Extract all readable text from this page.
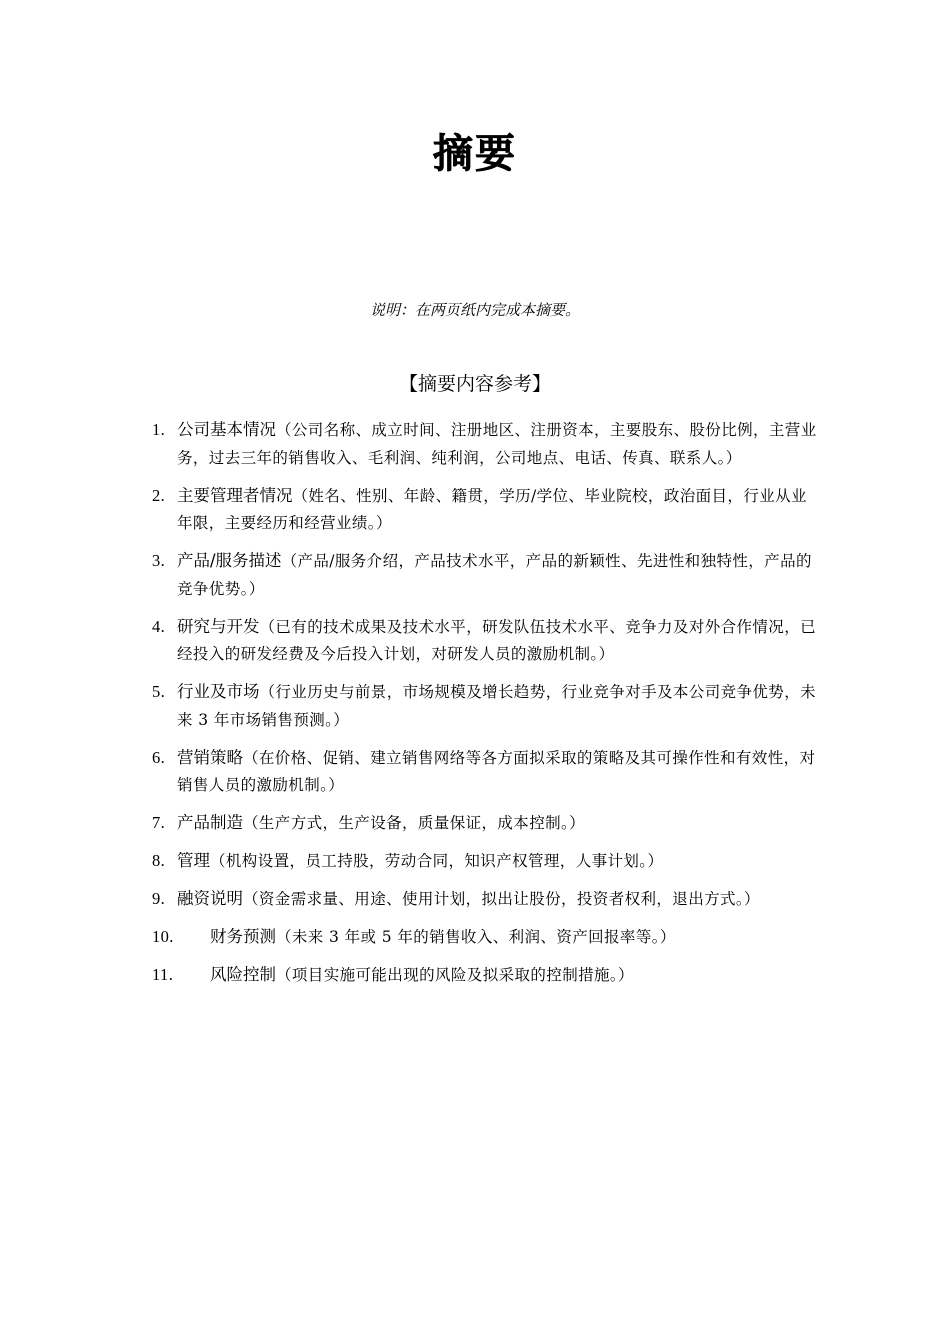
摘要
说明：在两页纸内完成本摘要。
【摘要内容参考】
1. 公司基本情况（公司名称、成立时间、注册地区、注册资本，主要股东、股份比例，主营业务，过去三年的销售收入、毛利润、纯利润，公司地点、电话、传真、联系人。）
2. 主要管理者情况（姓名、性别、年龄、籍贯，学历/学位、毕业院校，政治面目，行业从业年限，主要经历和经营业绩。）
3. 产品/服务描述（产品/服务介绍，产品技术水平，产品的新颖性、先进性和独特性，产品的竞争优势。）
4. 研究与开发（已有的技术成果及技术水平，研发队伍技术水平、竞争力及对外合作情况，已经投入的研发经费及今后投入计划，对研发人员的激励机制。）
5. 行业及市场（行业历史与前景，市场规模及增长趋势，行业竞争对手及本公司竞争优势，未来 3 年市场销售预测。）
6. 营销策略（在价格、促销、建立销售网络等各方面拟采取的策略及其可操作性和有效性，对销售人员的激励机制。）
7. 产品制造（生产方式，生产设备，质量保证，成本控制。）
8. 管理（机构设置，员工持股，劳动合同，知识产权管理，人事计划。）
9. 融资说明（资金需求量、用途、使用计划，拟出让股份，投资者权利，退出方式。）
10. 财务预测（未来 3 年或 5 年的销售收入、利润、资产回报率等。）
11. 风险控制（项目实施可能出现的风险及拟采取的控制措施。）
